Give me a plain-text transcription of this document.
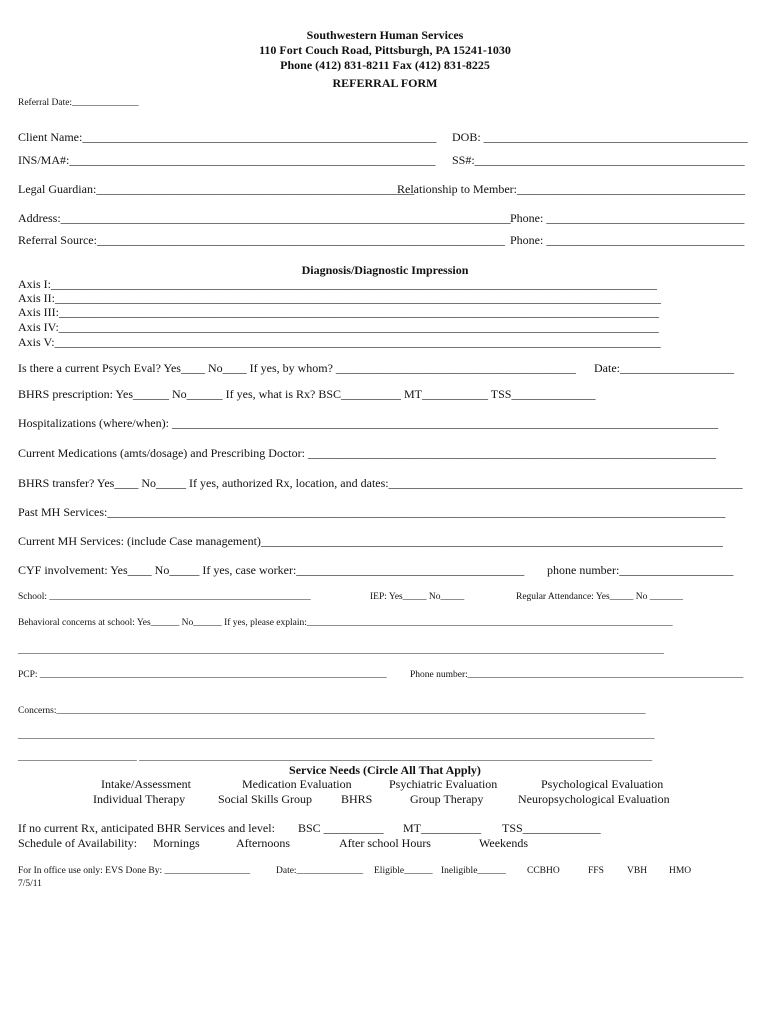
Southwestern Human Services
110 Fort Couch Road, Pittsburgh, PA 15241-1030
Phone (412) 831-8211 Fax (412) 831-8225
REFERRAL FORM
Referral Date:______________
Client Name:___________________________________________________________ DOB: ____________________________________________
INS/MA#:_____________________________________________________________ SS#:_____________________________________________
Legal Guardian:_____________________________________________________
Relationship to Member:______________________________________
Address:___________________________________________________________________________ Phone: _________________________________
Referral Source:____________________________________________________________________ Phone: _________________________________
Diagnosis/Diagnostic Impression
Axis I:_____________________________________________________________________________________________________
Axis II:_____________________________________________________________________________________________________
Axis III:____________________________________________________________________________________________________
Axis IV:____________________________________________________________________________________________________
Axis V:_____________________________________________________________________________________________________
Is there a current Psych Eval? Yes____ No____ If yes, by whom? ________________________________________ Date:___________________
BHRS prescription: Yes______ No______ If yes, what is Rx? BSC__________ MT___________ TSS______________
Hospitalizations (where/when): ___________________________________________________________________________________________
Current Medications (amts/dosage) and Prescribing Doctor: ____________________________________________________________________
BHRS transfer? Yes____ No_____ If yes, authorized Rx, location, and dates:___________________________________________________________
Past MH Services:_______________________________________________________________________________________________________
Current MH Services: (include Case management)_____________________________________________________________________________
CYF involvement: Yes____ No_____ If yes, case worker:______________________________________ phone number:___________________
School: _______________________________________________________	IEP: Yes_____ No_____	Regular Attendance: Yes_____ No _______
Behavioral concerns at school: Yes______ No______ If yes, please explain:_____________________________________________________________________________
________________________________________________________________________________________________________________________________________
PCP: _________________________________________________________________________ Phone number:__________________________________________________________
Concerns:____________________________________________________________________________________________________________________________
______________________________________________________________________________________________________________________________________
_________________________ ____________________________________________________________________________________________________________
Service Needs (Circle All That Apply)
Intake/Assessment	Medication Evaluation	Psychiatric Evaluation	Psychological Evaluation
Individual Therapy	Social Skills Group BHRS	Group Therapy	Neuropsychological Evaluation
If no current Rx, anticipated BHR Services and level: BSC __________ MT__________ TSS_____________
Schedule of Availability: Mornings	Afternoons	After school Hours	Weekends
For In office use only: EVS Done By: __________________	Date:______________ Eligible______ Ineligible______ CCBHO	FFS VBH HMO
7/5/11
